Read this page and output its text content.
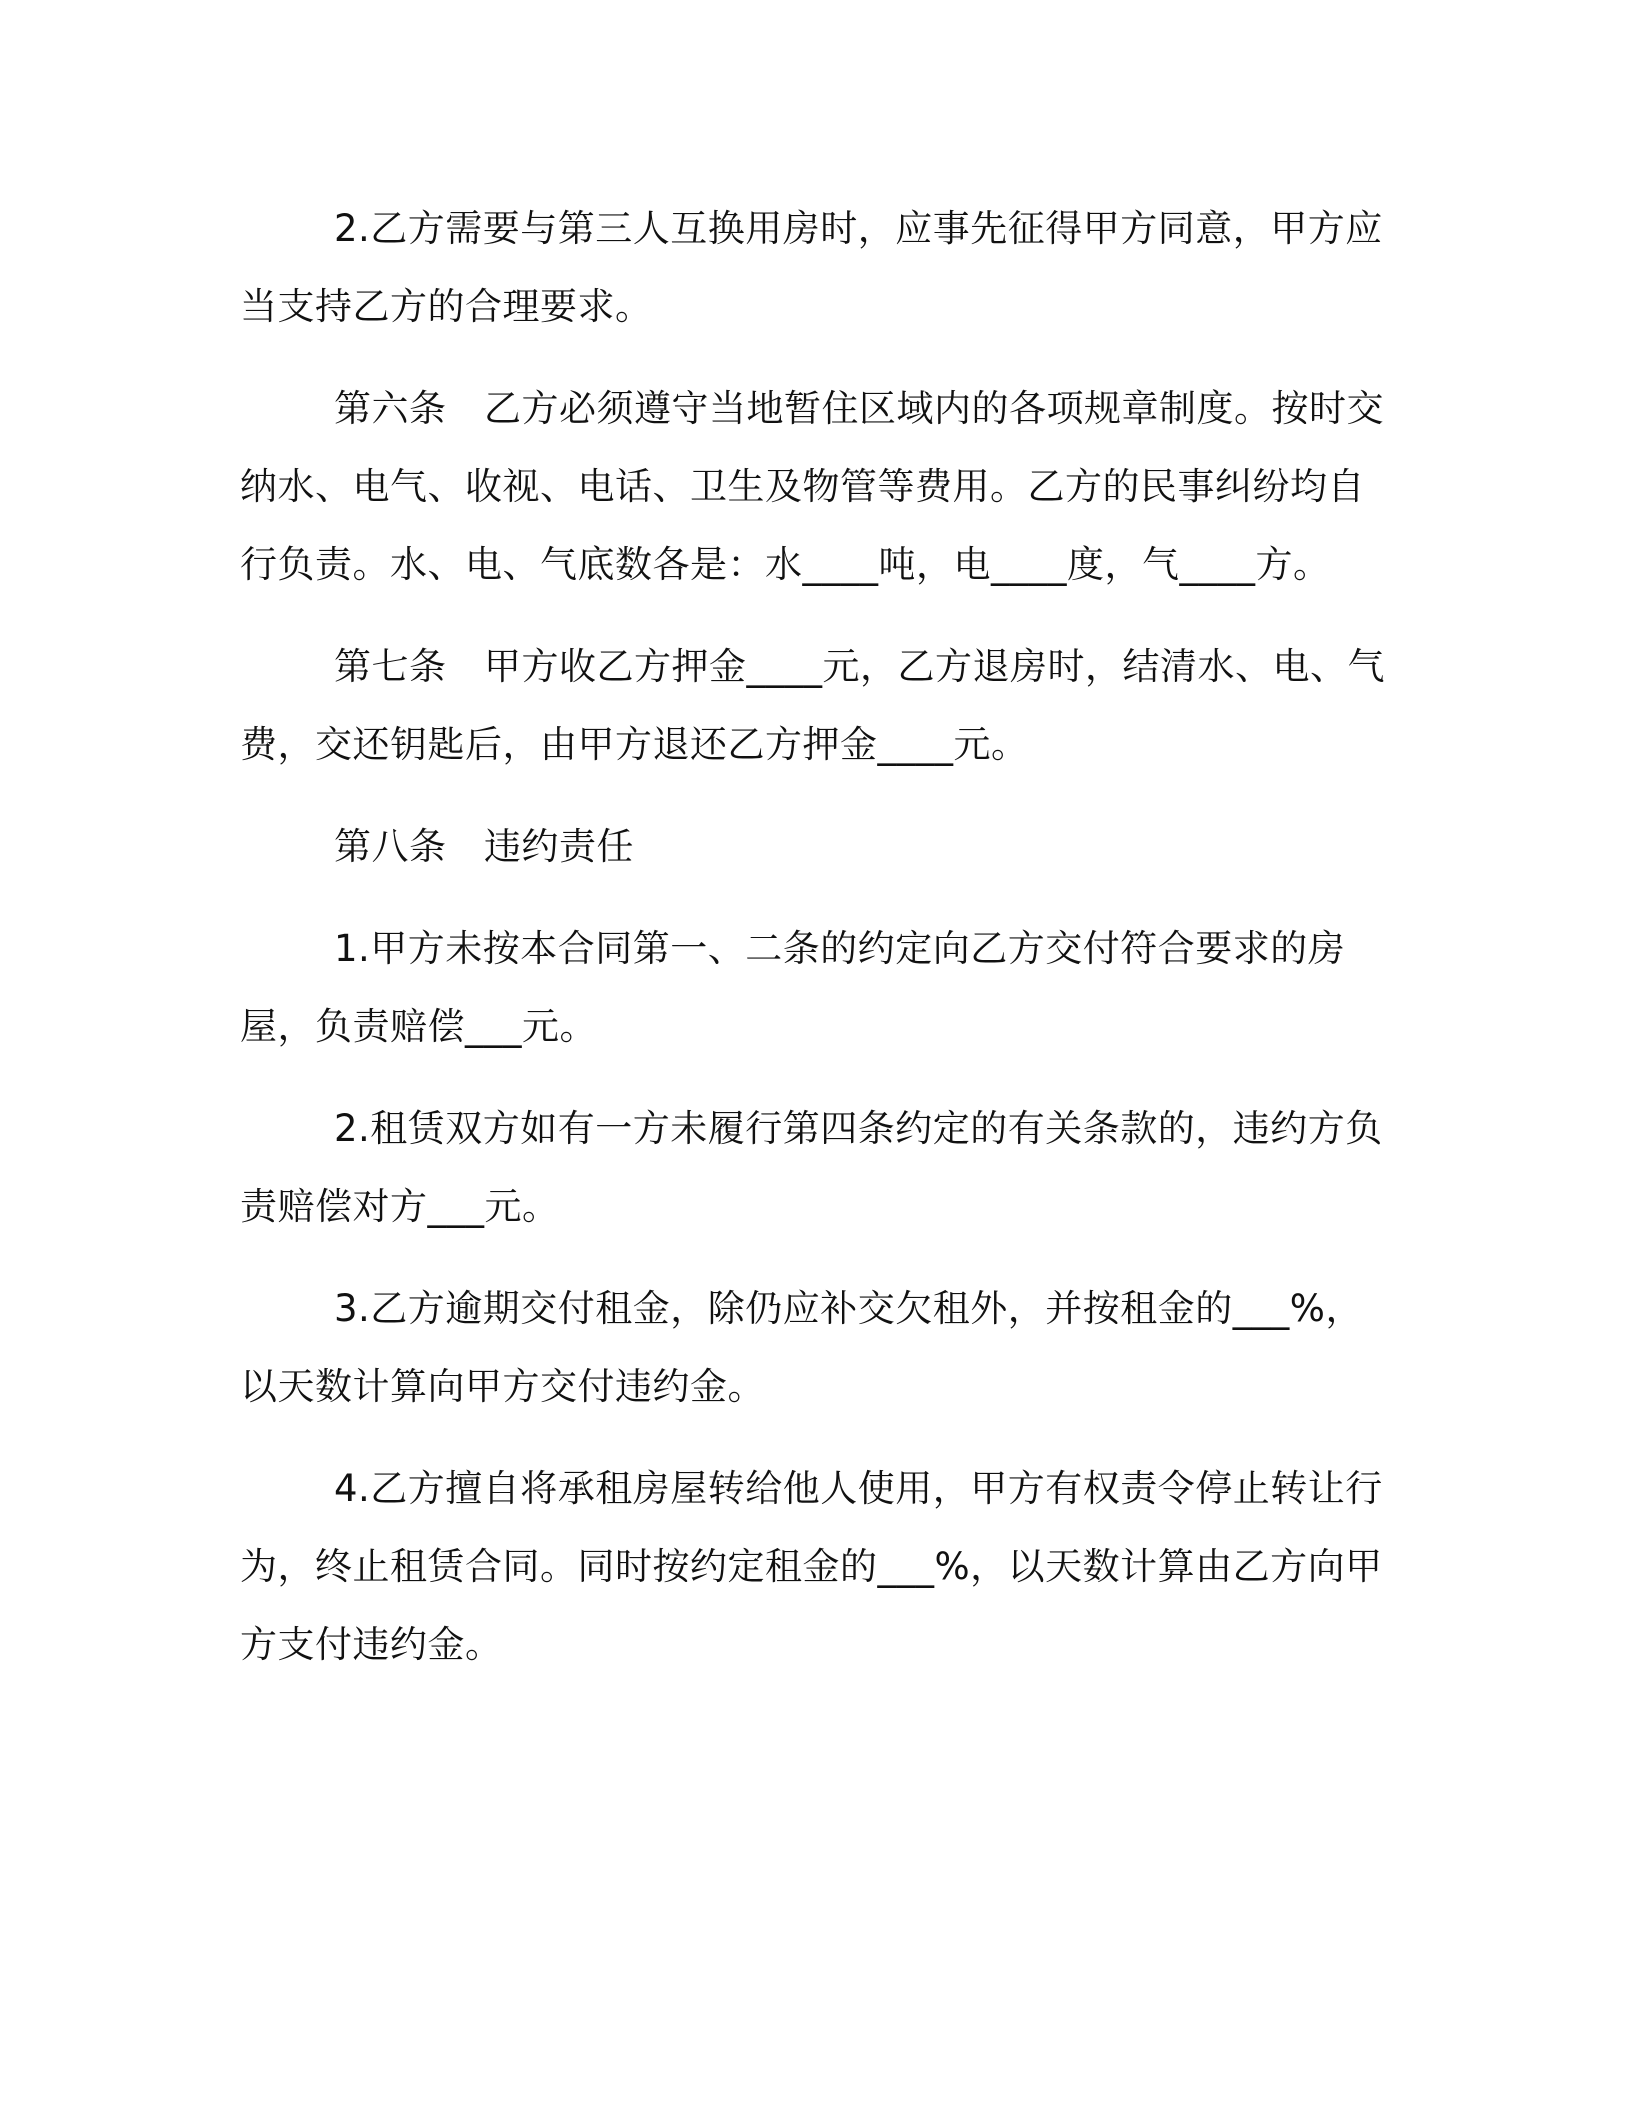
2.乙方需要与第三人互换用房时，应事先征得甲方同意，甲方应当支持乙方的合理要求。

第六条　乙方必须遵守当地暂住区域内的各项规章制度。按时交纳水、电气、收视、电话、卫生及物管等费用。乙方的民事纠纷均自行负责。水、电、气底数各是：水____吨，电____度，气____方。

第七条　甲方收乙方押金____元，乙方退房时，结清水、电、气费，交还钥匙后，由甲方退还乙方押金____元。

第八条　违约责任

1.甲方未按本合同第一、二条的约定向乙方交付符合要求的房屋，负责赔偿___元。

2.租赁双方如有一方未履行第四条约定的有关条款的，违约方负责赔偿对方___元。

3.乙方逾期交付租金，除仍应补交欠租外，并按租金的___%，以天数计算向甲方交付违约金。

4.乙方擅自将承租房屋转给他人使用，甲方有权责令停止转让行为，终止租赁合同。同时按约定租金的___%，以天数计算由乙方向甲方支付违约金。
